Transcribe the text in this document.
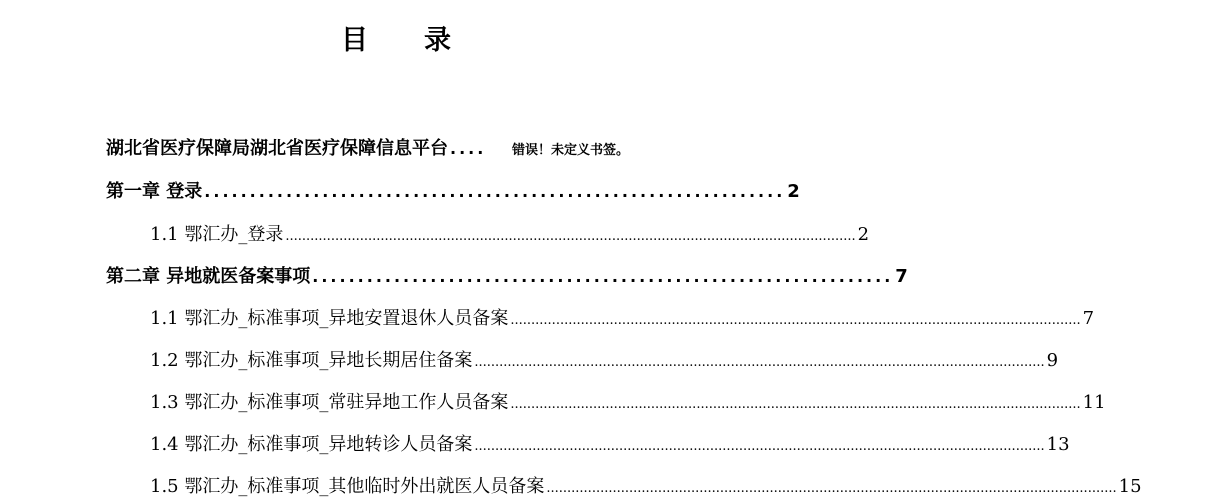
目 录
湖北省医疗保障局湖北省医疗保障信息平台 ....	错误！未定义书签。
第一章 登录 ................................................................ 2
1.1 鄂汇办_登录 .......................................................................................................................................... 2
第二章 异地就医备案事项 ................................................................ 7
1.1 鄂汇办_标准事项_异地安置退休人员备案 .......................................................................................................................................... 7
1.2 鄂汇办_标准事项_异地长期居住备案 .......................................................................................................................................... 9
1.3 鄂汇办_标准事项_常驻异地工作人员备案 .......................................................................................................................................... 11
1.4 鄂汇办_标准事项_异地转诊人员备案 .......................................................................................................................................... 13
1.5 鄂汇办_标准事项_其他临时外出就医人员备案 .......................................................................................................................................... 15
